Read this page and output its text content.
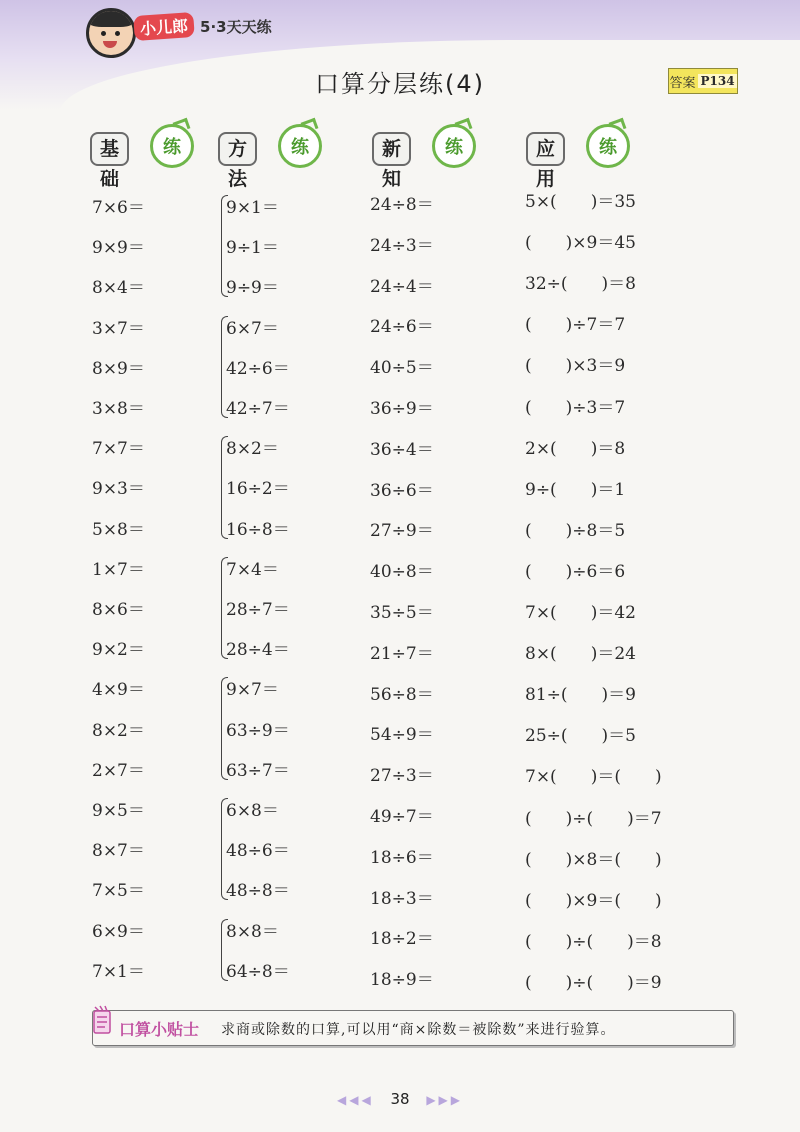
小儿郎 5·3天天练
口算分层练(4)	答案 P134
基础
练	方法
练	新知
练	应用
练
7×6＝
9×9＝
8×4＝
3×7＝
8×9＝
3×8＝
7×7＝
9×3＝
5×8＝
1×7＝
8×6＝
9×2＝
4×9＝
8×2＝
2×7＝
9×5＝
8×7＝
7×5＝
6×9＝
7×1＝
9×1＝
9÷1＝
9÷9＝
6×7＝
42÷6＝
42÷7＝
8×2＝
16÷2＝
16÷8＝
7×4＝
28÷7＝
28÷4＝
9×7＝
63÷9＝
63÷7＝
6×8＝
48÷6＝
48÷8＝
8×8＝
64÷8＝
24÷8＝
24÷3＝
24÷4＝
24÷6＝
40÷5＝
36÷9＝
36÷4＝
36÷6＝
27÷9＝
40÷8＝
35÷5＝
21÷7＝
56÷8＝
54÷9＝
27÷3＝
49÷7＝
18÷6＝
18÷3＝
18÷2＝
18÷9＝
5×(　　)＝35
(　　)×9＝45
32÷(　　)＝8
(　　)÷7＝7
(　　)×3＝9
(　　)÷3＝7
2×(　　)＝8
9÷(　　)＝1
(　　)÷8＝5
(　　)÷6＝6
7×(　　)＝42
8×(　　)＝24
81÷(　　)＝9
25÷(　　)＝5
7×(　　)＝(　　)
(　　)÷(　　)＝7
(　　)×8＝(　　)
(　　)×9＝(　　)
(　　)÷(　　)＝8
(　　)÷(　　)＝9
口算小贴士 求商或除数的口算,可以用“商×除数＝被除数”来进行验算。
◀◀◀ 38 ▶▶▶
